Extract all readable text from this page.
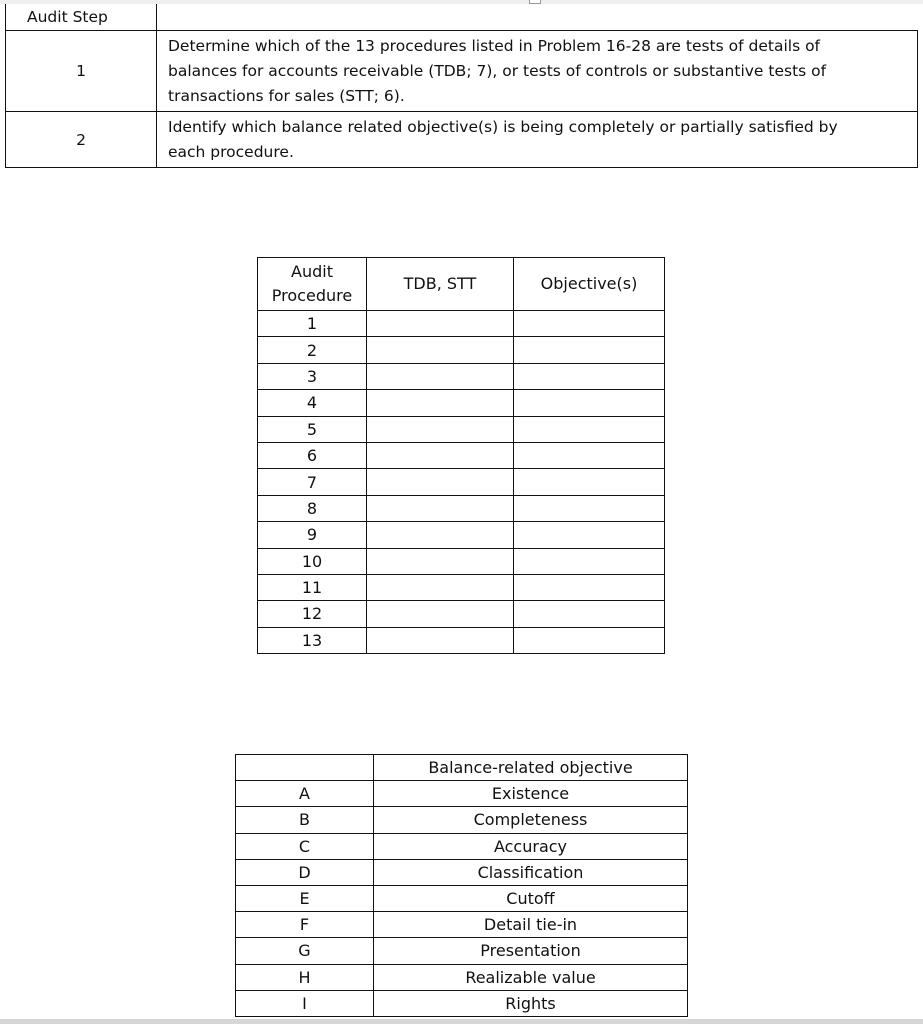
Audit Step	
1	Determine which of the 13 procedures listed in Problem 16-28 are tests of details of
balances for accounts receivable (TDB; 7), or tests of controls or substantive tests of
transactions for sales (STT; 6).

2	Identify which balance related objective(s) is being completely or partially satisfied by
each procedure.
Audit
Procedure	TDB, STT	Objective(s)
1		
2		
3		
4		
5		
6		
7		
8		
9		
10		
11		
12		
13		
	Balance-related objective
A	Existence
B	Completeness
C	Accuracy
D	Classification
E	Cutoff
F	Detail tie-in
G	Presentation
H	Realizable value
I	Rights
